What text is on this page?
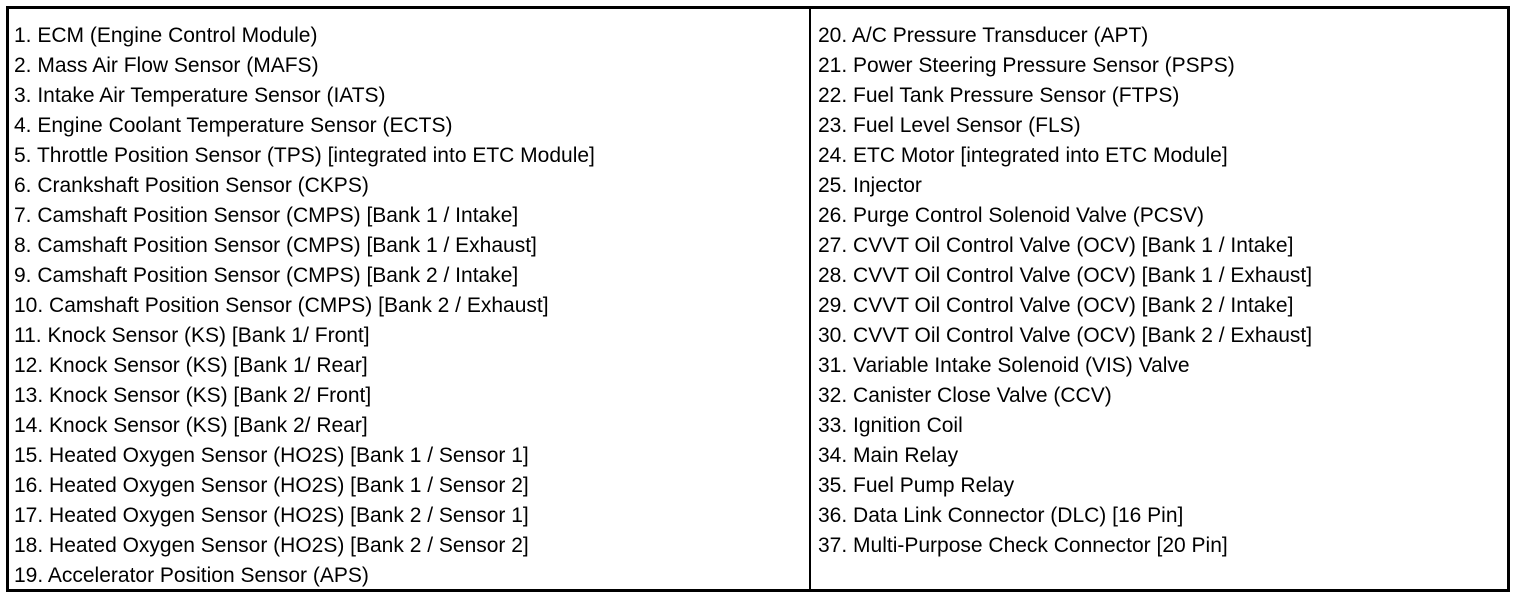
1. ECM (Engine Control Module)
2. Mass Air Flow Sensor (MAFS)
3. Intake Air Temperature Sensor (IATS)
4. Engine Coolant Temperature Sensor (ECTS)
5. Throttle Position Sensor (TPS) [integrated into ETC Module]
6. Crankshaft Position Sensor (CKPS)
7. Camshaft Position Sensor (CMPS) [Bank 1 / Intake]
8. Camshaft Position Sensor (CMPS) [Bank 1 / Exhaust]
9. Camshaft Position Sensor (CMPS) [Bank 2 / Intake]
10. Camshaft Position Sensor (CMPS) [Bank 2 / Exhaust]
11. Knock Sensor (KS) [Bank 1/ Front]
12. Knock Sensor (KS) [Bank 1/ Rear]
13. Knock Sensor (KS) [Bank 2/ Front]
14. Knock Sensor (KS) [Bank 2/ Rear]
15. Heated Oxygen Sensor (HO2S) [Bank 1 / Sensor 1]
16. Heated Oxygen Sensor (HO2S) [Bank 1 / Sensor 2]
17. Heated Oxygen Sensor (HO2S) [Bank 2 / Sensor 1]
18. Heated Oxygen Sensor (HO2S) [Bank 2 / Sensor 2]
19. Accelerator Position Sensor (APS)
20. A/C Pressure Transducer (APT)
21. Power Steering Pressure Sensor (PSPS)
22. Fuel Tank Pressure Sensor (FTPS)
23. Fuel Level Sensor (FLS)
24. ETC Motor [integrated into ETC Module]
25. Injector
26. Purge Control Solenoid Valve (PCSV)
27. CVVT Oil Control Valve (OCV) [Bank 1 / Intake]
28. CVVT Oil Control Valve (OCV) [Bank 1 / Exhaust]
29. CVVT Oil Control Valve (OCV) [Bank 2 / Intake]
30. CVVT Oil Control Valve (OCV) [Bank 2 / Exhaust]
31. Variable Intake Solenoid (VIS) Valve
32. Canister Close Valve (CCV)
33. Ignition Coil
34. Main Relay
35. Fuel Pump Relay
36. Data Link Connector (DLC) [16 Pin]
37. Multi-Purpose Check Connector [20 Pin]
